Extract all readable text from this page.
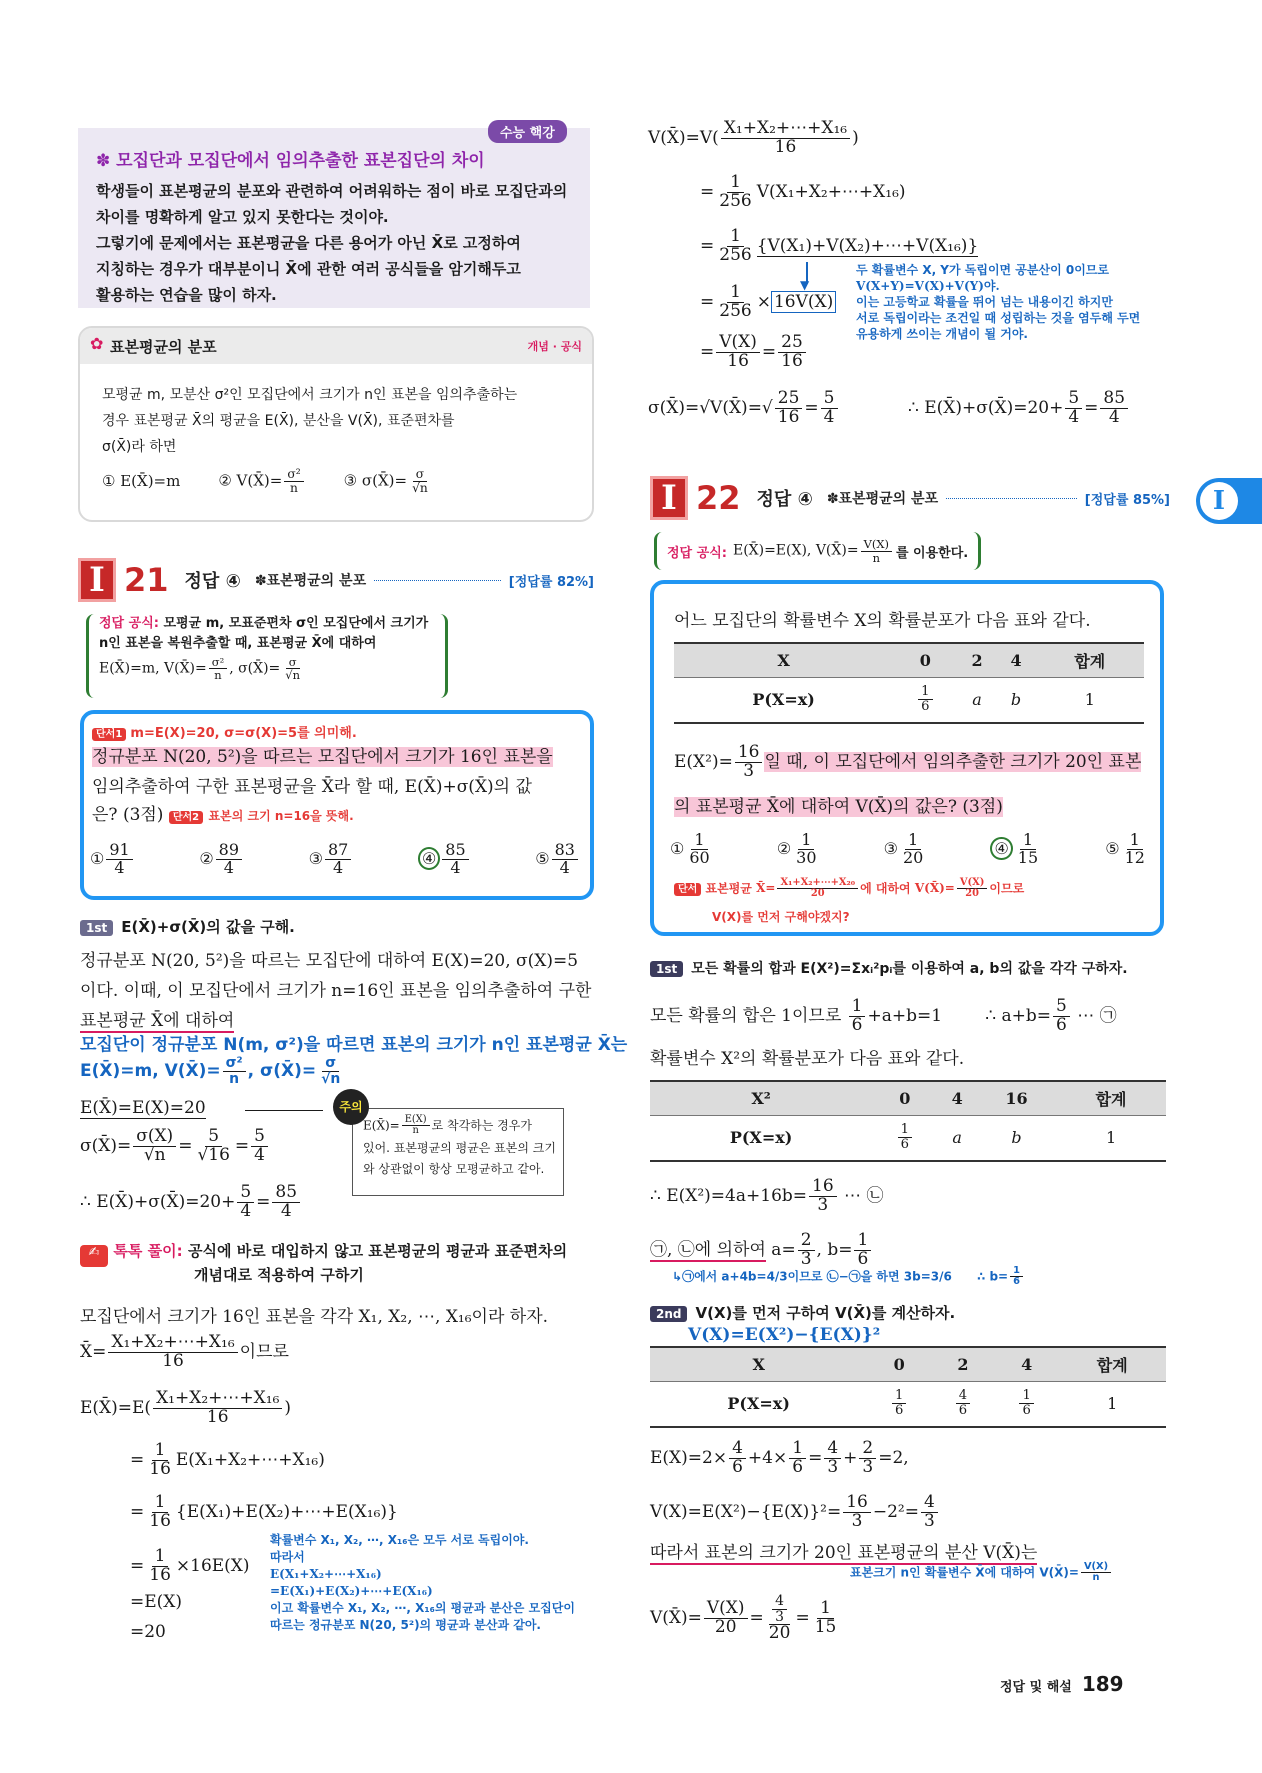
수능 핵강
✽ 모집단과 모집단에서 임의추출한 표본집단의 차이
학생들이 표본평균의 분포와 관련하여 어려워하는 점이 바로 모집단과의
차이를 명확하게 알고 있지 못한다는 것이야.
그렇기에 문제에서는 표본평균을 다른 용어가 아닌 X̄로 고정하여
지칭하는 경우가 대부분이니 X̄에 관한 여러 공식들을 암기해두고
활용하는 연습을 많이 하자.
✿ 표본평균의 분포	개념 · 공식
모평균 m, 모분산 σ²인 모집단에서 크기가 n인 표본을 임의추출하는
경우 표본평균 X̄의 평균을 E(X̄), 분산을 V(X̄), 표준편차를
σ(X̄)라 하면
① E(X̄)=m	② V(X̄)= $\frac{\text{σ²}}{n}$	③ σ(X̄)= $\frac{\sigma}{√n}$
I 21 정답 ④ ✽표본평균의 분포	[정답률 82%]
정답 공식: 모평균 m, 모표준편차 σ인 모집단에서 크기가
n인 표본을 복원추출할 때, 표본평균 X̄에 대하여
E(X̄)=m, V(X̄)= $\frac{\text{σ²}}{n}$ , σ(X̄)= $\frac{\sigma}{√n}$
단서1 m=E(X)=20, σ=σ(X)=5를 의미해.
정규분포 N(20, 5²)을 따르는 모집단에서 크기가 16인 표본을
임의추출하여 구한 표본평균을 X̄라 할 때, E(X̄)+σ(X̄)의 값
은? (3점) 단서2 표본의 크기 n=16을 뜻해.
① $\frac{91}{4}$	② $\frac{89}{4}$	③ $\frac{87}{4}$	④ $\frac{85}{4}$	⑤ $\frac{83}{4}$
1st E(X̄)+σ(X̄)의 값을 구해.
정규분포 N(20, 5²)을 따르는 모집단에 대하여 E(X)=20, σ(X)=5
이다. 이때, 이 모집단에서 크기가 n=16인 표본을 임의추출하여 구한
표본평균 X̄에 대하여
모집단이 정규분포 N(m, σ²)을 따르면 표본의 크기가 n인 표본평균 X̄는
E(X̄)=m, V(X̄)= $\frac{\text{σ²}}{n}$ , σ(X̄)= $\frac{\sigma}{√n}$
E(X̄)=E(X)=20
σ(X̄)= $\frac{\sigma(X)}{√n} = \frac{5}{√16} = \frac{5}{4}$
∴ E(X̄)+σ(X̄)=20+ $\frac{5}{4} = \frac{85}{4}$
주의
E(X̄)= $\frac{E(X)}{n}$ 로 착각하는 경우가
있어. 표본평균의 평균은 표본의 크기
와 상관없이 항상 모평균하고 같아.
✍ 톡톡 풀이: 공식에 바로 대입하지 않고 표본평균의 평균과 표준편차의
개념대로 적용하여 구하기
모집단에서 크기가 16인 표본을 각각 X₁, X₂, ⋯, X₁₆이라 하자.
X̄= $\frac{\text{X₁+X₂+⋯+X₁₆}}{16}$ 이므로
E(X̄)=E( $\frac{\text{X₁+X₂+⋯+X₁₆}}{16}$ )
= $\frac{1}{16}$ E(X₁+X₂+⋯+X₁₆)
= $\frac{1}{16}$ {E(X₁)+E(X₂)+⋯+E(X₁₆)}
= $\frac{1}{16} \times 16E(X)$
=E(X)
=20
확률변수 X₁, X₂, ⋯, X₁₆은 모두 서로 독립이야.
따라서
E(X₁+X₂+⋯+X₁₆)
=E(X₁)+E(X₂)+⋯+E(X₁₆)
이고 확률변수 X₁, X₂, ⋯, X₁₆의 평균과 분산은 모집단이
따르는 정규분포 N(20, 5²)의 평균과 분산과 같아.
V(X̄)=V( $\frac{\text{X₁+X₂+⋯+X₁₆}}{16}$ )
= $\frac{1}{256}$ V(X₁+X₂+⋯+X₁₆)
= $\frac{1}{256}$ {V(X₁)+V(X₂)+⋯+V(X₁₆)}
▼
= $\frac{1}{256} \times 16V(X)$
= $\frac{V(X)}{16} = \frac{25}{16}$
두 확률변수 X, Y가 독립이면 공분산이 0이므로
V(X+Y)=V(X)+V(Y)야.
이는 고등학교 확률을 뛰어 넘는 내용이긴 하지만
서로 독립이라는 조건일 때 성립하는 것을 염두해 두면
유용하게 쓰이는 개념이 될 거야.
σ(X̄)=√V(X̄)=√ $\frac{25}{16} = \frac{5}{4}$	∴ E(X̄)+σ(X̄)=20+ $\frac{5}{4} = \frac{85}{4}$
I
I 22 정답 ④ ✽표본평균의 분포	[정답률 85%]
정답 공식: E(X̄)=E(X), V(X̄)= $\frac{V(X)}{n}$ 를 이용한다.
어느 모집단의 확률변수 X의 확률분포가 다음 표와 같다.
X	0	2	4	합계
P(X=x)	$\frac{1}{6}$	a	b	1
$E(X^2)= \frac{16}{3}$ 일 때, 이 모집단에서 임의추출한 크기가 20인 표본
의 표본평균 X̄에 대하여 V(X̄)의 값은? (3점)
① $\frac{1}{60}$	② $\frac{1}{30}$	③ $\frac{1}{20}$	④ $\frac{1}{15}$	⑤ $\frac{1}{12}$
단서 표본평균 X̄= $\frac{\text{X₁+X₂+⋯+X₂₀}}{20}$ 에 대하여 V(X̄)= $\frac{V(X)}{20}$ 이므로
V(X)를 먼저 구해야겠지?
1st 모든 확률의 합과 E(X²)=Σxᵢ²pᵢ를 이용하여 a, b의 값을 각각 구하자.
모든 확률의 합은 1이므로 $\frac{1}{6} +a+b=1$        ∴ $a+b= \frac{5}{6}$ ⋯ ㉠
확률변수 X²의 확률분포가 다음 표와 같다.
X²	0	4	16	합계
P(X=x)	$\frac{1}{6}$	a	b	1
∴ $E(X^2)=4a+16b= \frac{16}{3}$ ⋯ ㉡
㉠, ㉡에 의하여 $a= \frac{2}{3}$ , $b= \frac{1}{6}$
↳㉠에서 a+4b=4/3이므로 ㉡−㉠을 하면 3b=3/6      ∴ $b= \frac{1}{6}$
2nd V(X)를 먼저 구하여 V(X̄)를 계산하자.
V(X)=E(X²)−{E(X)}²
X	0	2	4	합계
P(X=x)	$\frac{1}{6}$	$\frac{4}{6}$	$\frac{1}{6}$	1
$E(X)=2\times \frac{4}{6} +4\times \frac{1}{6} = \frac{4}{3} + \frac{2}{3} =2$,
$V(X)=E(X^2)-\{E(X)\}^2= \frac{16}{3} -2^2= \frac{4}{3}$
따라서 표본의 크기가 20인 표본평균의 분산 V(X̄)는
표본크기 n인 확률변수 X̄에 대하여 V(X̄)= $\frac{V(X)}{n}$
V(X̄)= $\frac{V(X)}{20} = \frac{\frac{4}{3}}{20} = \frac{1}{15}$
정답 및 해설 189
